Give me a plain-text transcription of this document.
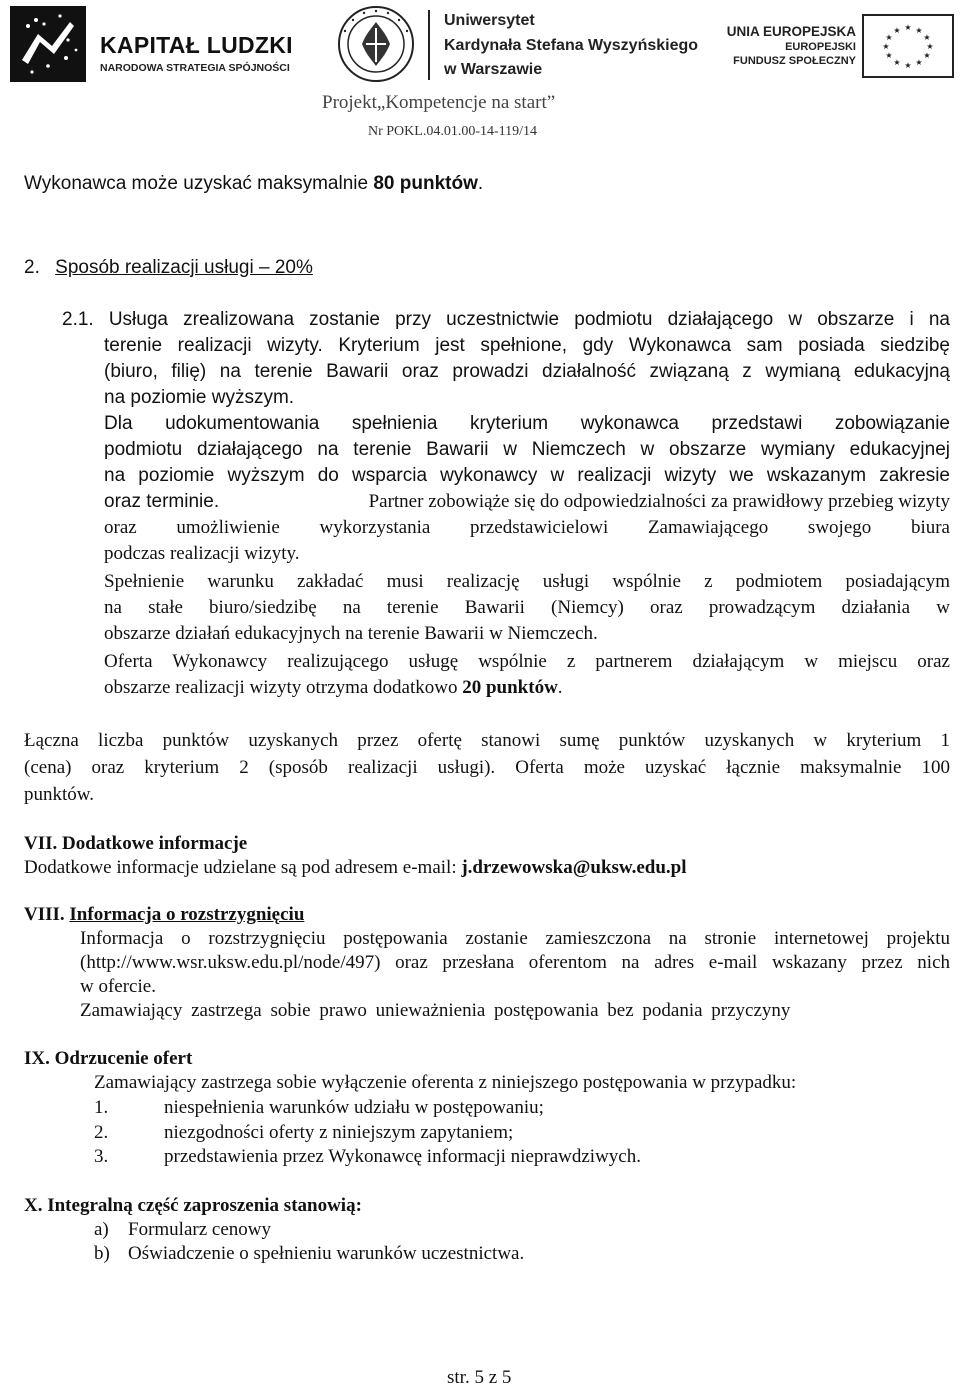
KAPITAŁ LUDZKI
NARODOWA STRATEGIA SPÓJNOŚCI
Uniwersytet
Kardynała Stefana Wyszyńskiego
w Warszawie
UNIA EUROPEJSKA
EUROPEJSKI
FUNDUSZ SPOŁECZNY
★ ★
★
★
★
★
★
★
★
★
★
★
Projekt„Kompetencje na start”
Nr POKL.04.01.00-14-119/14
Wykonawca może uzyskać maksymalnie 80 punktów.
2. Sposób realizacji usługi – 20%
2.1. Usługa zrealizowana zostanie przy uczestnictwie podmiotu działającego w obszarze i na
terenie realizacji wizyty. Kryterium jest spełnione, gdy Wykonawca sam posiada siedzibę
(biuro, filię) na terenie Bawarii oraz prowadzi działalność związaną z wymianą edukacyjną
na poziomie wyższym.
Dla udokumentowania spełnienia kryterium wykonawca przedstawi zobowiązanie
podmiotu działającego na terenie Bawarii w Niemczech w obszarze wymiany edukacyjnej
na poziomie wyższym do wsparcia wykonawcy w realizacji wizyty we wskazanym zakresie
oraz terminie.	Partner zobowiąże się do odpowiedzialności za prawidłowy przebieg wizyty
oraz umożliwienie wykorzystania przedstawicielowi Zamawiającego swojego biura
podczas realizacji wizyty.
Spełnienie warunku zakładać musi realizację usługi wspólnie z podmiotem posiadającym
na stałe biuro/siedzibę na terenie Bawarii (Niemcy) oraz prowadzącym działania w
obszarze działań edukacyjnych na terenie Bawarii w Niemczech.
Oferta Wykonawcy realizującego usługę wspólnie z partnerem działającym w miejscu oraz
obszarze realizacji wizyty otrzyma dodatkowo 20 punktów.
Łączna liczba punktów uzyskanych przez ofertę stanowi sumę punktów uzyskanych w kryterium 1
(cena) oraz kryterium 2 (sposób realizacji usługi). Oferta może uzyskać łącznie maksymalnie 100
punktów.
VII. Dodatkowe informacje
Dodatkowe informacje udzielane są pod adresem e-mail: j.drzewowska@uksw.edu.pl
VIII. Informacja o rozstrzygnięciu
Informacja o rozstrzygnięciu postępowania zostanie zamieszczona na stronie internetowej projektu
(http://www.wsr.uksw.edu.pl/node/497) oraz przesłana oferentom na adres e-mail wskazany przez nich
w ofercie.
Zamawiający zastrzega sobie prawo unieważnienia postępowania bez podania przyczyny
IX. Odrzucenie ofert
Zamawiający zastrzega sobie wyłączenie oferenta z niniejszego postępowania w przypadku:
1.	niespełnienia warunków udziału w postępowaniu;
2.	niezgodności oferty z niniejszym zapytaniem;
3.	przedstawienia przez Wykonawcę informacji nieprawdziwych.
X. Integralną część zaproszenia stanowią:
a) Formularz cenowy
b) Oświadczenie o spełnieniu warunków uczestnictwa.
str. 5 z 5
